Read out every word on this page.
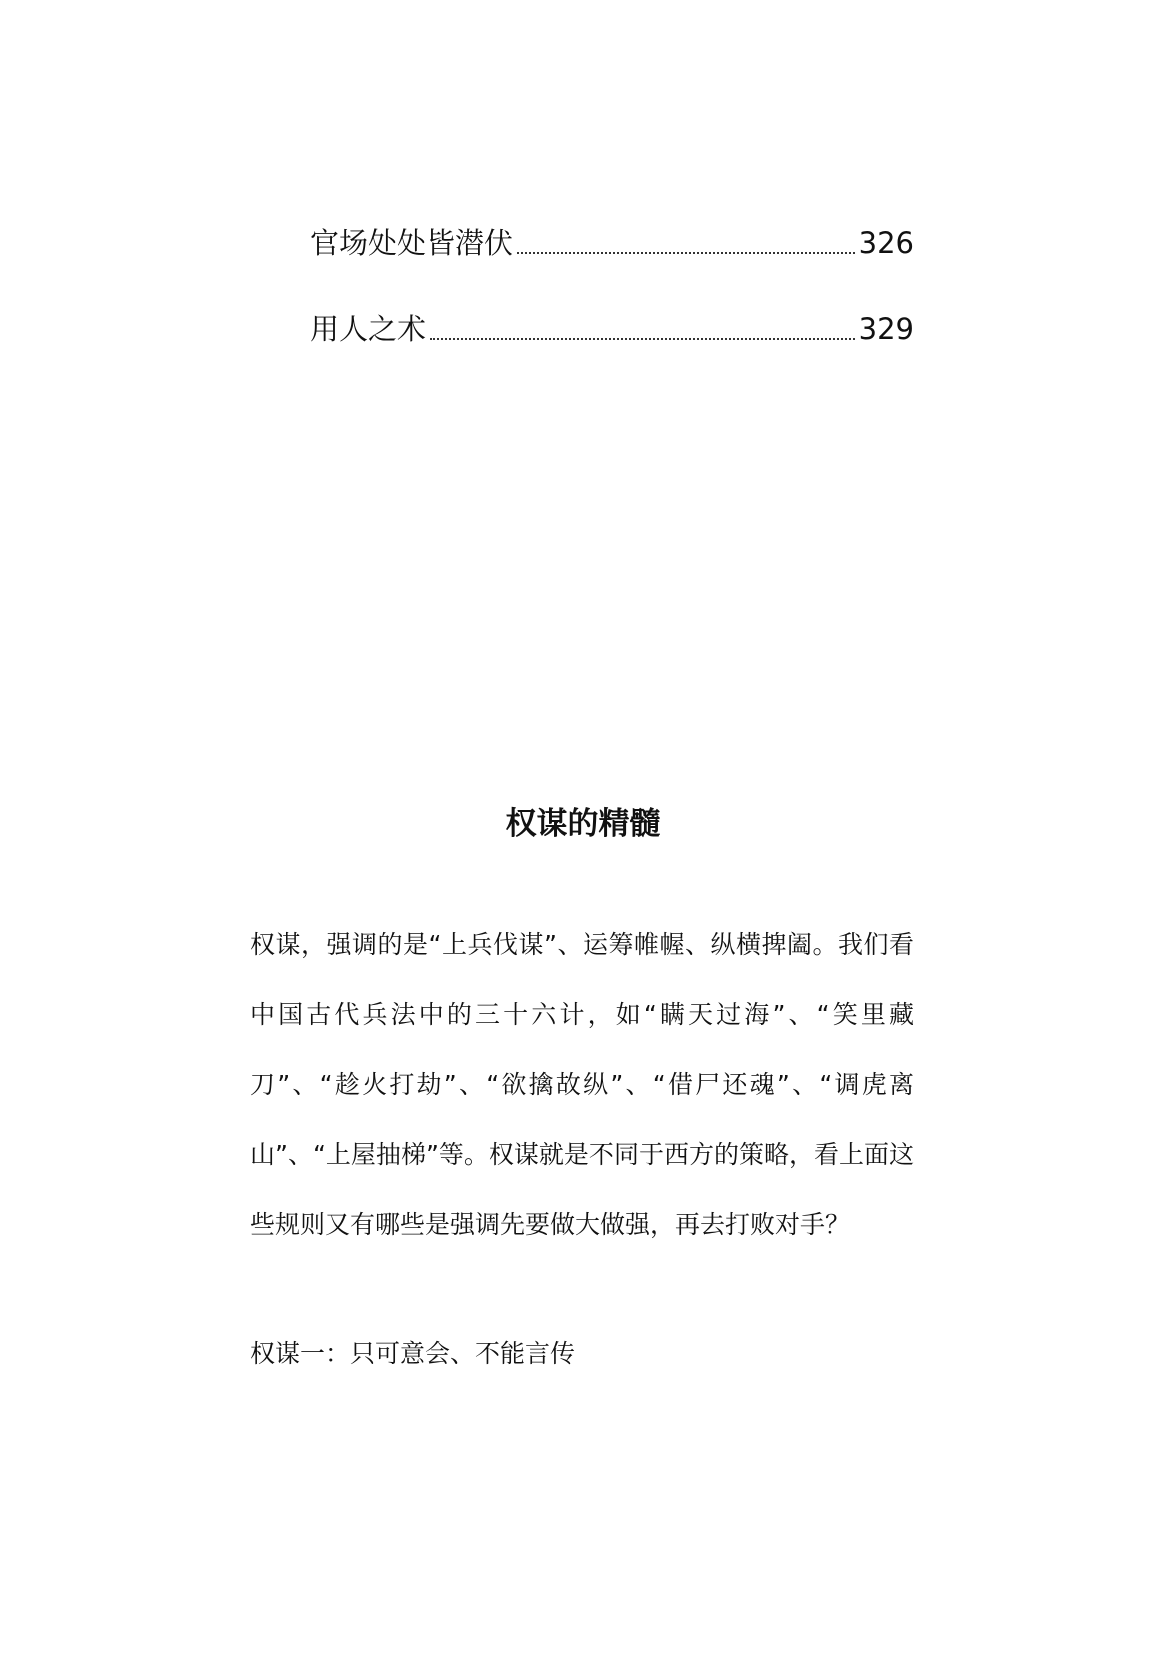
官场处处皆潜伏	326
用人之术	329
权谋的精髓
权谋，强调的是“上兵伐谋”、运筹帷幄、纵横捭阖。我们看中国古代兵法中的三十六计，如“瞒天过海”、“笑里藏刀”、“趁火打劫”、“欲擒故纵”、“借尸还魂”、“调虎离山”、“上屋抽梯”等。权谋就是不同于西方的策略，看上面这些规则又有哪些是强调先要做大做强，再去打败对手？
权谋一：只可意会、不能言传
